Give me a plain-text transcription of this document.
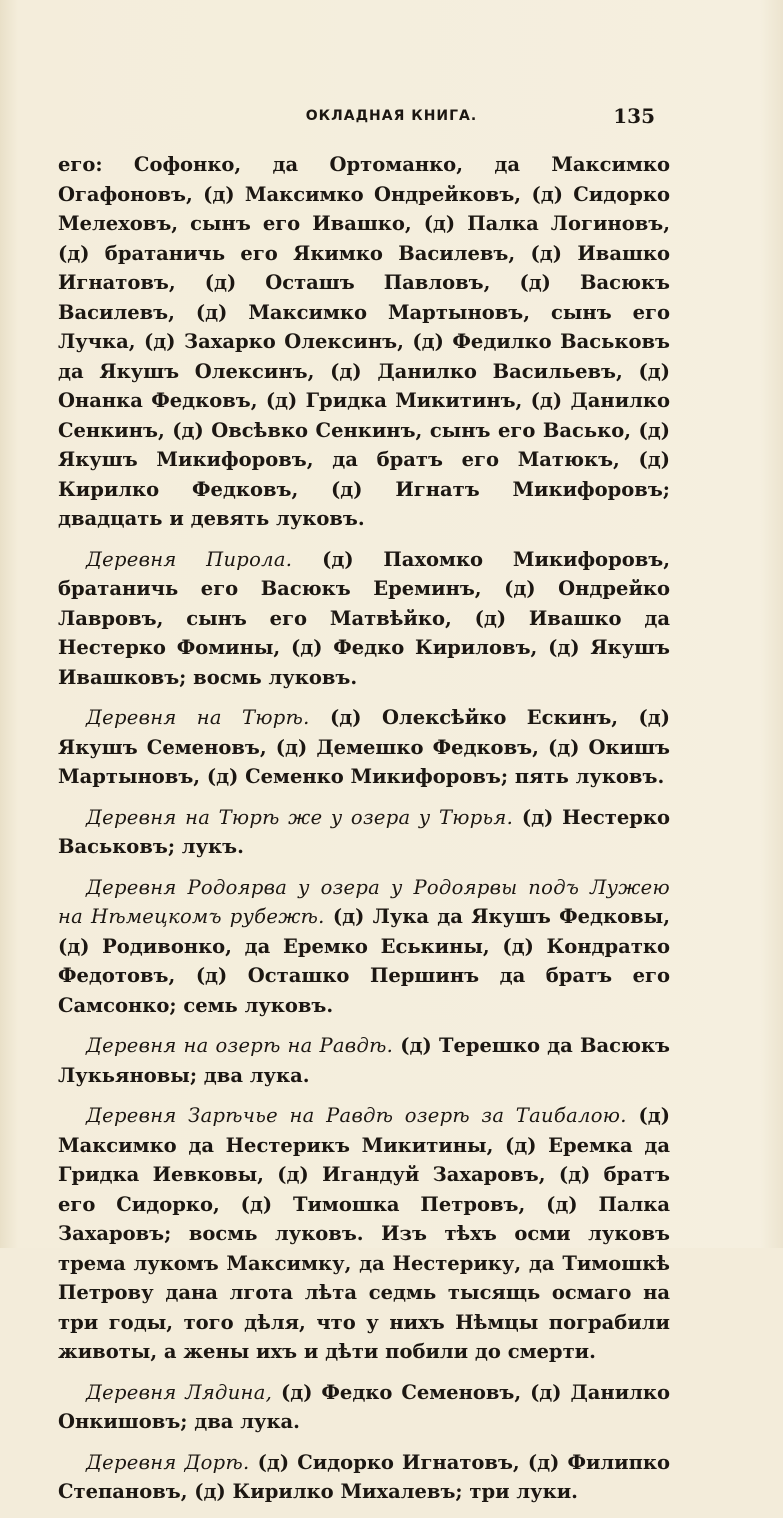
ОКЛАДНАЯ КНИГА.	135

его: Софонко, да Ортоманко, да Максимко Огафоновъ, (д) Максимко Ондрейковъ, (д) Сидорко Мелеховъ, сынъ его Ивашко, (д) Палка Логиновъ, (д) братаничь его Якимко Василевъ, (д) Ивашко Игнатовъ, (д) Осташъ Павловъ, (д) Васюкъ Василевъ, (д) Максимко Мартыновъ, сынъ его Лучка, (д) Захарко Олексинъ, (д) Федилко Васьковъ да Якушъ Олексинъ, (д) Данилко Васильевъ, (д) Онанка Федковъ, (д) Гридка Микитинъ, (д) Данилко Сенкинъ, (д) Овсѣвко Сенкинъ, сынъ его Васько, (д) Якушъ Микифоровъ, да братъ его Матюкъ, (д) Кирилко Федковъ, (д) Игнатъ Микифоровъ; двадцать и девять луковъ.

Деревня Пирола. (д) Пахомко Микифоровъ, братаничь его Васюкъ Ереминъ, (д) Ондрейко Лавровъ, сынъ его Матвѣйко, (д) Ивашко да Нестерко Фомины, (д) Федко Кириловъ, (д) Якушъ Ивашковъ; восмь луковъ.

Деревня на Тюрѣ. (д) Олексѣйко Ескинъ, (д) Якушъ Семеновъ, (д) Демешко Федковъ, (д) Окишъ Мартыновъ, (д) Семенко Микифоровъ; пять луковъ.

Деревня на Тюрѣ же у озера у Тюрья. (д) Нестерко Васьковъ; лукъ.

Деревня Родоярва у озера у Родоярвы подъ Лужею на Нѣмецкомъ рубежѣ. (д) Лука да Якушъ Федковы, (д) Родивонко, да Еремко Еськины, (д) Кондратко Федотовъ, (д) Осташко Першинъ да братъ его Самсонко; семь луковъ.

Деревня на озерѣ на Равдѣ. (д) Терешко да Васюкъ Лукьяновы; два лука.

Деревня Зарѣчье на Равдѣ озерѣ за Таибалою. (д) Максимко да Нестерикъ Микитины, (д) Еремка да Гридка Иевковы, (д) Игандуй Захаровъ, (д) братъ его Сидорко, (д) Тимошка Петровъ, (д) Палка Захаровъ; восмь луковъ. Изъ тѣхъ осми луковъ трема лукомъ Максимку, да Нестерику, да Тимошкѣ Петрову дана лгота лѣта седмь тысящь осмаго на три годы, того дѣля, что у нихъ Нѣмцы пограбили животы, а жены ихъ и дѣти побили до смерти.

Деревня Лядина, (д) Федко Семеновъ, (д) Данилко Онкишовъ; два лука.

Деревня Дорѣ. (д) Сидорко Игнатовъ, (д) Филипко Степановъ, (д) Кирилко Михалевъ; три луки.
